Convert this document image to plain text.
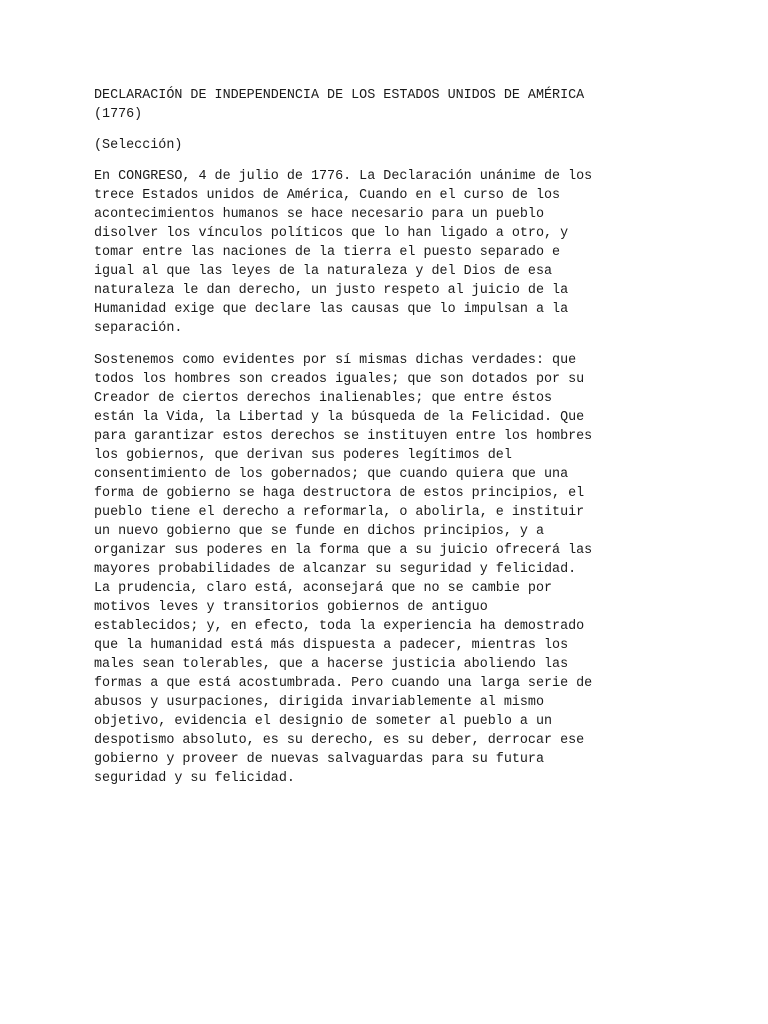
DECLARACIÓN DE INDEPENDENCIA DE LOS ESTADOS UNIDOS DE AMÉRICA
(1776)
(Selección)
En CONGRESO, 4 de julio de 1776. La Declaración unánime de los
trece Estados unidos de América, Cuando en el curso de los
acontecimientos humanos se hace necesario para un pueblo
disolver los vínculos políticos que lo han ligado a otro, y
tomar entre las naciones de la tierra el puesto separado e
igual al que las leyes de la naturaleza y del Dios de esa
naturaleza le dan derecho, un justo respeto al juicio de la
Humanidad exige que declare las causas que lo impulsan a la
separación.
Sostenemos como evidentes por sí mismas dichas verdades: que
todos los hombres son creados iguales; que son dotados por su
Creador de ciertos derechos inalienables; que entre éstos
están la Vida, la Libertad y la búsqueda de la Felicidad. Que
para garantizar estos derechos se instituyen entre los hombres
los gobiernos, que derivan sus poderes legítimos del
consentimiento de los gobernados; que cuando quiera que una
forma de gobierno se haga destructora de estos principios, el
pueblo tiene el derecho a reformarla, o abolirla, e instituir
un nuevo gobierno que se funde en dichos principios, y a
organizar sus poderes en la forma que a su juicio ofrecerá las
mayores probabilidades de alcanzar su seguridad y felicidad.
La prudencia, claro está, aconsejará que no se cambie por
motivos leves y transitorios gobiernos de antiguo
establecidos; y, en efecto, toda la experiencia ha demostrado
que la humanidad está más dispuesta a padecer, mientras los
males sean tolerables, que a hacerse justicia aboliendo las
formas a que está acostumbrada. Pero cuando una larga serie de
abusos y usurpaciones, dirigida invariablemente al mismo
objetivo, evidencia el designio de someter al pueblo a un
despotismo absoluto, es su derecho, es su deber, derrocar ese
gobierno y proveer de nuevas salvaguardas para su futura
seguridad y su felicidad.
